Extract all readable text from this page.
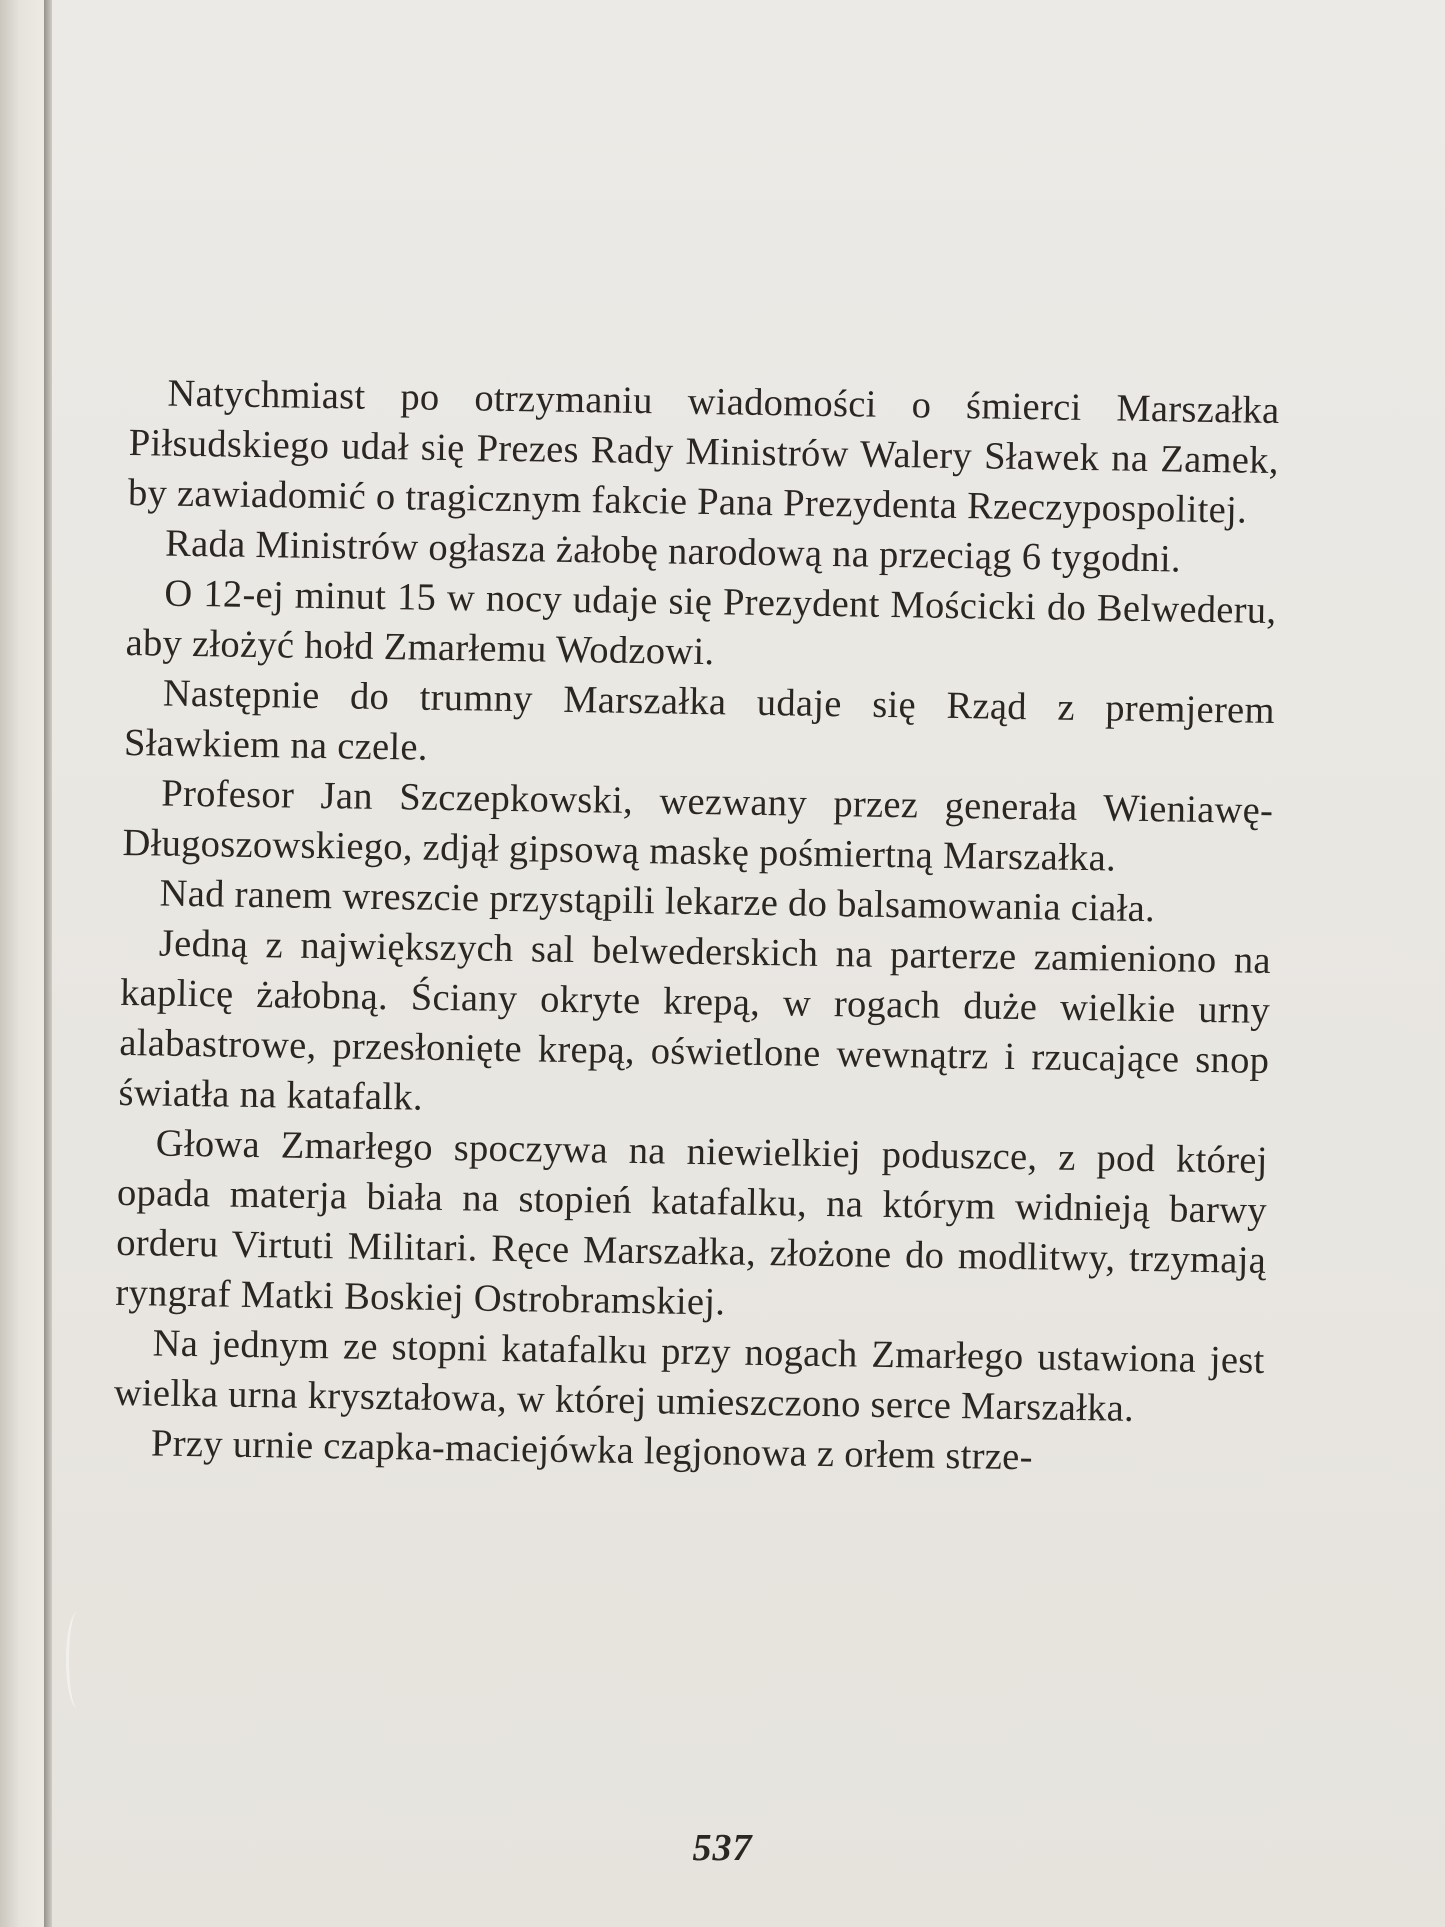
Natychmiast po otrzymaniu wiadomości o śmierci Marszałka Piłsudskiego udał się Prezes Rady Ministrów Walery Sławek na Zamek, by zawiadomić o tragicznym fakcie Pana Prezydenta Rzeczypospolitej.

Rada Ministrów ogłasza żałobę narodową na przeciąg 6 tygodni.

O 12-ej minut 15 w nocy udaje się Prezydent Mościcki do Belwederu, aby złożyć hołd Zmarłemu Wodzowi.

Następnie do trumny Marszałka udaje się Rząd z premjerem Sławkiem na czele.

Profesor Jan Szczepkowski, wezwany przez generała Wieniawę-Długoszowskiego, zdjął gipsową maskę pośmiertną Marszałka.

Nad ranem wreszcie przystąpili lekarze do balsamowania ciała.

Jedną z największych sal belwederskich na parterze zamieniono na kaplicę żałobną. Ściany okryte krepą, w rogach duże wielkie urny alabastrowe, przesłonięte krepą, oświetlone wewnątrz i rzucające snop światła na katafalk.

Głowa Zmarłego spoczywa na niewielkiej poduszce, z pod której opada materja biała na stopień katafalku, na którym widnieją barwy orderu Virtuti Militari. Ręce Marszałka, złożone do modlitwy, trzymają ryngraf Matki Boskiej Ostrobramskiej.

Na jednym ze stopni katafalku przy nogach Zmarłego ustawiona jest wielka urna kryształowa, w której umieszczono serce Marszałka.

Przy urnie czapka-maciejówka legjonowa z orłem strze-

537
